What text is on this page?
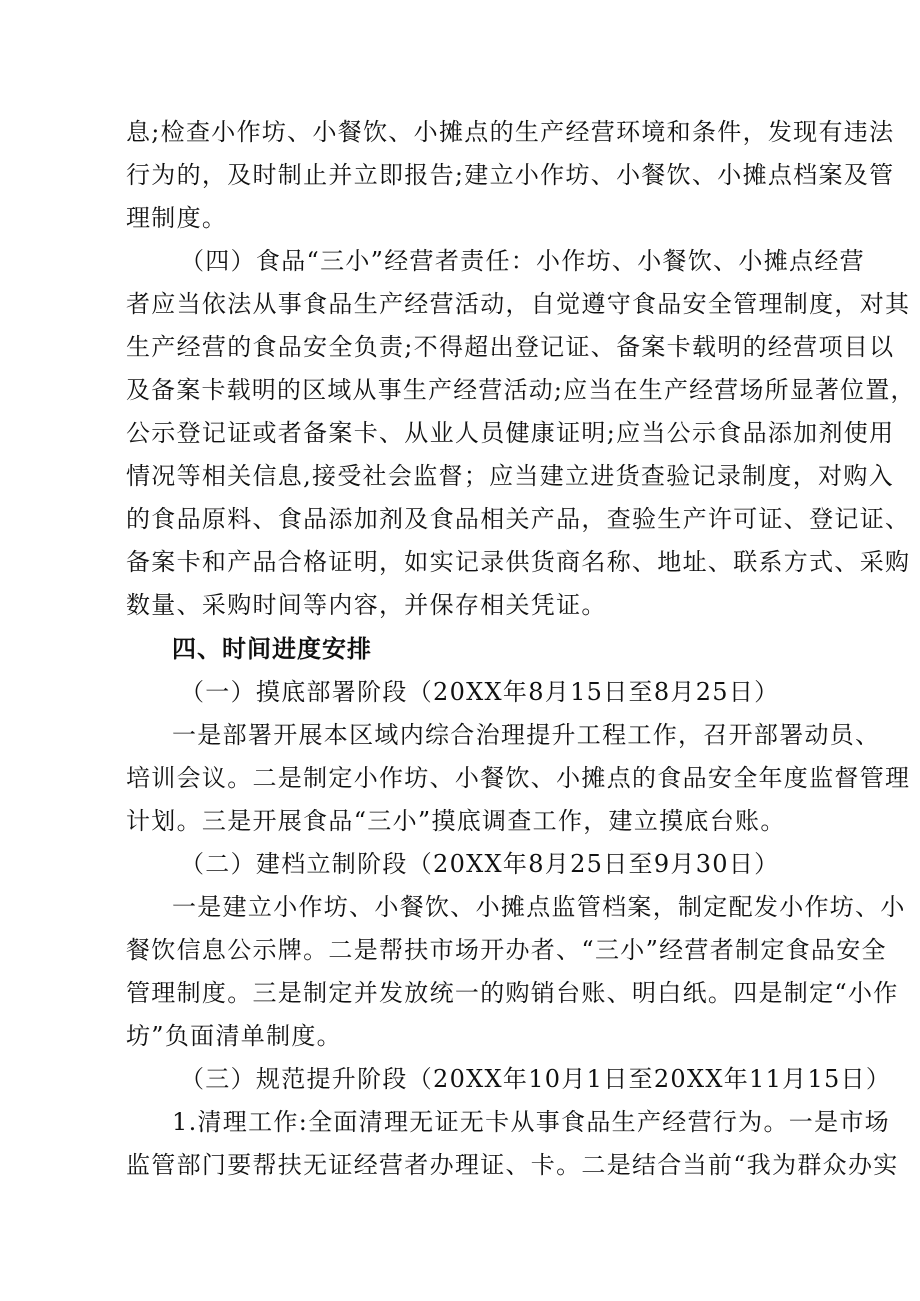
息;检查小作坊、小餐饮、小摊点的生产经营环境和条件，发现有违法
行为的，及时制止并立即报告;建立小作坊、小餐饮、小摊点档案及管
理制度。
（四）食品“三小”经营者责任：小作坊、小餐饮、小摊点经营
者应当依法从事食品生产经营活动，自觉遵守食品安全管理制度，对其
生产经营的食品安全负责;不得超出登记证、备案卡载明的经营项目以
及备案卡载明的区域从事生产经营活动;应当在生产经营场所显著位置，
公示登记证或者备案卡、从业人员健康证明;应当公示食品添加剂使用
情况等相关信息,接受社会监督；应当建立进货查验记录制度，对购入
的食品原料、食品添加剂及食品相关产品，查验生产许可证、登记证、
备案卡和产品合格证明，如实记录供货商名称、地址、联系方式、采购
数量、采购时间等内容，并保存相关凭证。
四、时间进度安排
（一）摸底部署阶段（20XX年8月15日至8月25日）
一是部署开展本区域内综合治理提升工程工作，召开部署动员、
培训会议。二是制定小作坊、小餐饮、小摊点的食品安全年度监督管理
计划。三是开展食品“三小”摸底调查工作，建立摸底台账。
（二）建档立制阶段（20XX年8月25日至9月30日）
一是建立小作坊、小餐饮、小摊点监管档案，制定配发小作坊、小
餐饮信息公示牌。二是帮扶市场开办者、“三小”经营者制定食品安全
管理制度。三是制定并发放统一的购销台账、明白纸。四是制定“小作
坊”负面清单制度。
（三）规范提升阶段（20XX年10月1日至20XX年11月15日）
1.清理工作:全面清理无证无卡从事食品生产经营行为。一是市场
监管部门要帮扶无证经营者办理证、卡。二是结合当前“我为群众办实
